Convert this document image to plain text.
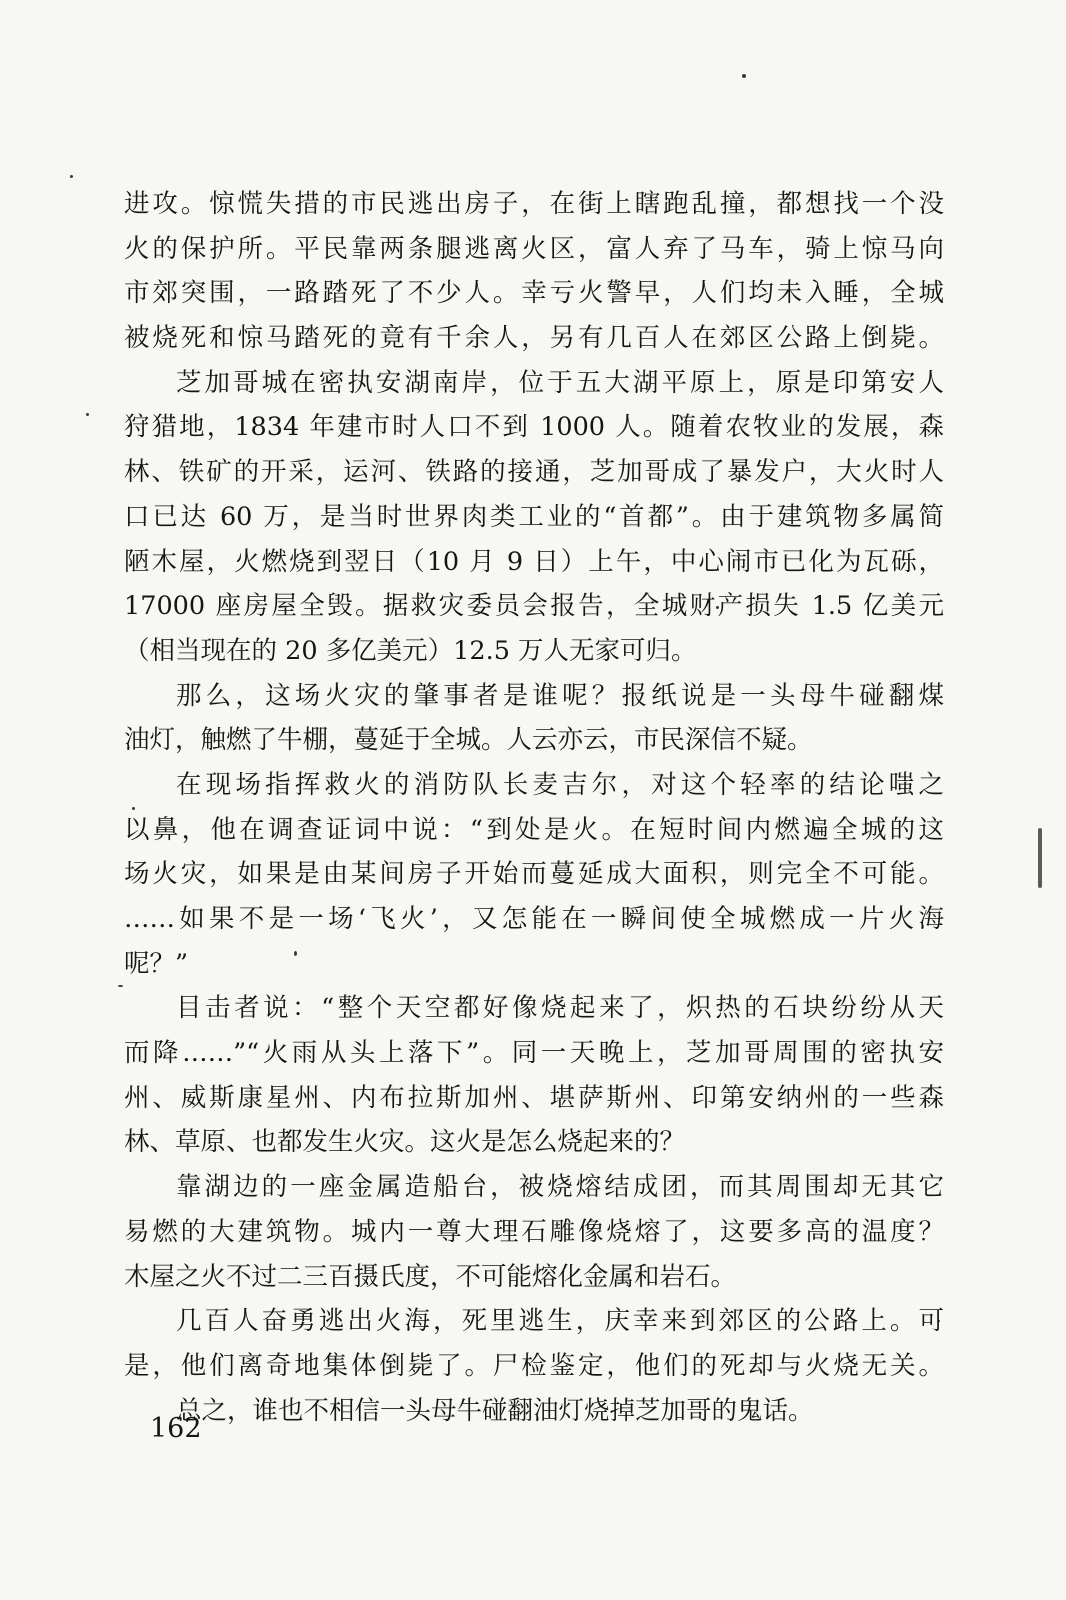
进攻。惊慌失措的市民逃出房子，在街上瞎跑乱撞，都想找一个没
火的保护所。平民靠两条腿逃离火区，富人弃了马车，骑上惊马向
市郊突围，一路踏死了不少人。幸亏火警早，人们均未入睡，全城
被烧死和惊马踏死的竟有千余人，另有几百人在郊区公路上倒毙。
芝加哥城在密执安湖南岸，位于五大湖平原上，原是印第安人
狩猎地，1834 年建市时人口不到 1000 人。随着农牧业的发展，森
林、铁矿的开采，运河、铁路的接通，芝加哥成了暴发户，大火时人
口已达 60 万，是当时世界肉类工业的“首都”。由于建筑物多属简
陋木屋，火燃烧到翌日（10 月 9 日）上午，中心闹市已化为瓦砾，
17000 座房屋全毁。据救灾委员会报告，全城财产损失 1.5 亿美元
（相当现在的 20 多亿美元）12.5 万人无家可归。
那么，这场火灾的肇事者是谁呢？报纸说是一头母牛碰翻煤
油灯，触燃了牛棚，蔓延于全城。人云亦云，市民深信不疑。
在现场指挥救火的消防队长麦吉尔，对这个轻率的结论嗤之
以鼻，他在调查证词中说：“到处是火。在短时间内燃遍全城的这
场火灾，如果是由某间房子开始而蔓延成大面积，则完全不可能。
……如果不是一场‘飞火’，又怎能在一瞬间使全城燃成一片火海
呢？”
目击者说：“整个天空都好像烧起来了，炽热的石块纷纷从天
而降……”“火雨从头上落下”。同一天晚上，芝加哥周围的密执安
州、威斯康星州、内布拉斯加州、堪萨斯州、印第安纳州的一些森
林、草原、也都发生火灾。这火是怎么烧起来的？
靠湖边的一座金属造船台，被烧熔结成团，而其周围却无其它
易燃的大建筑物。城内一尊大理石雕像烧熔了，这要多高的温度？
木屋之火不过二三百摄氏度，不可能熔化金属和岩石。
几百人奋勇逃出火海，死里逃生，庆幸来到郊区的公路上。可
是，他们离奇地集体倒毙了。尸检鉴定，他们的死却与火烧无关。
总之，谁也不相信一头母牛碰翻油灯烧掉芝加哥的鬼话。
162
